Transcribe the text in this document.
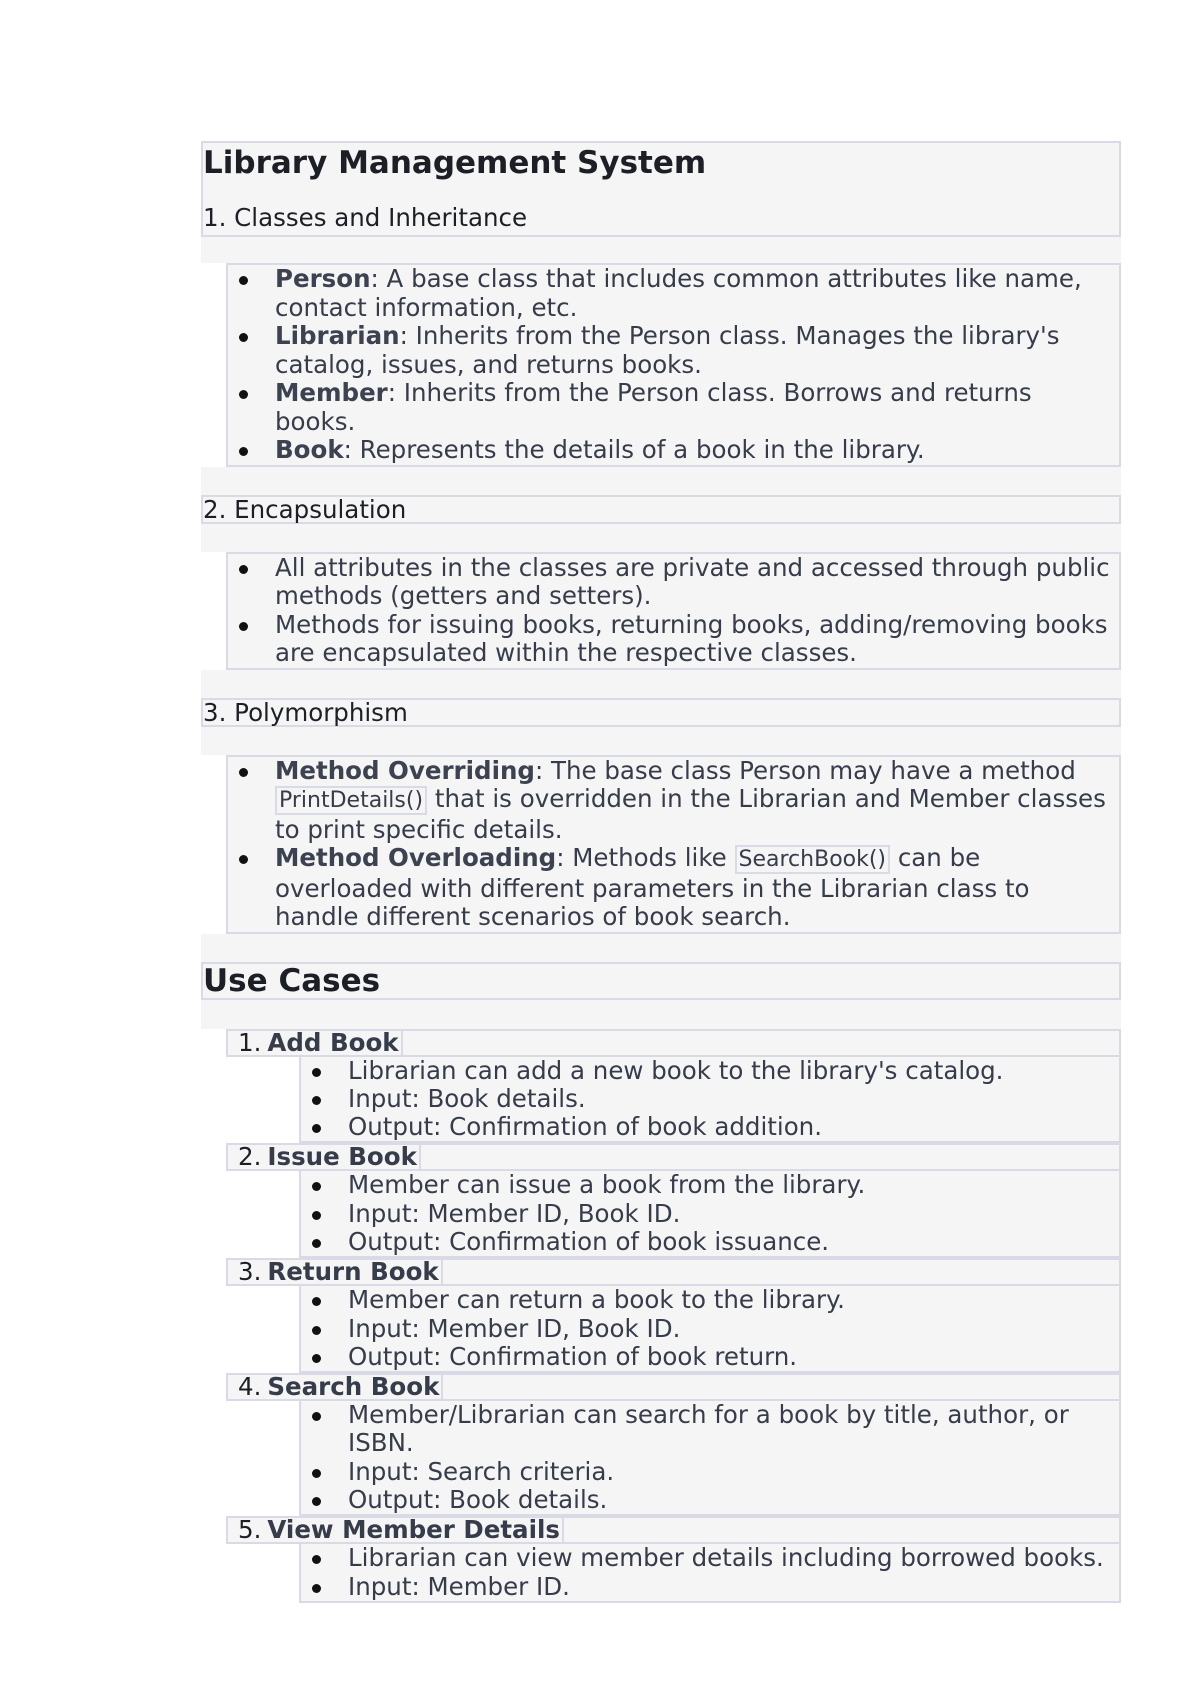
Library Management System
1. Classes and Inheritance
Person: A base class that includes common attributes like name, contact information, etc.
Librarian: Inherits from the Person class. Manages the library's catalog, issues, and returns books.
Member: Inherits from the Person class. Borrows and returns books.
Book: Represents the details of a book in the library.
2. Encapsulation
All attributes in the classes are private and accessed through public methods (getters and setters).
Methods for issuing books, returning books, adding/removing books are encapsulated within the respective classes.
3. Polymorphism
Method Overriding: The base class Person may have a method PrintDetails() that is overridden in the Librarian and Member classes to print specific details.
Method Overloading: Methods like SearchBook() can be overloaded with different parameters in the Librarian class to handle different scenarios of book search.
Use Cases
1. Add Book
Librarian can add a new book to the library's catalog.
Input: Book details.
Output: Confirmation of book addition.
2. Issue Book
Member can issue a book from the library.
Input: Member ID, Book ID.
Output: Confirmation of book issuance.
3. Return Book
Member can return a book to the library.
Input: Member ID, Book ID.
Output: Confirmation of book return.
4. Search Book
Member/Librarian can search for a book by title, author, or ISBN.
Input: Search criteria.
Output: Book details.
5. View Member Details
Librarian can view member details including borrowed books.
Input: Member ID.
